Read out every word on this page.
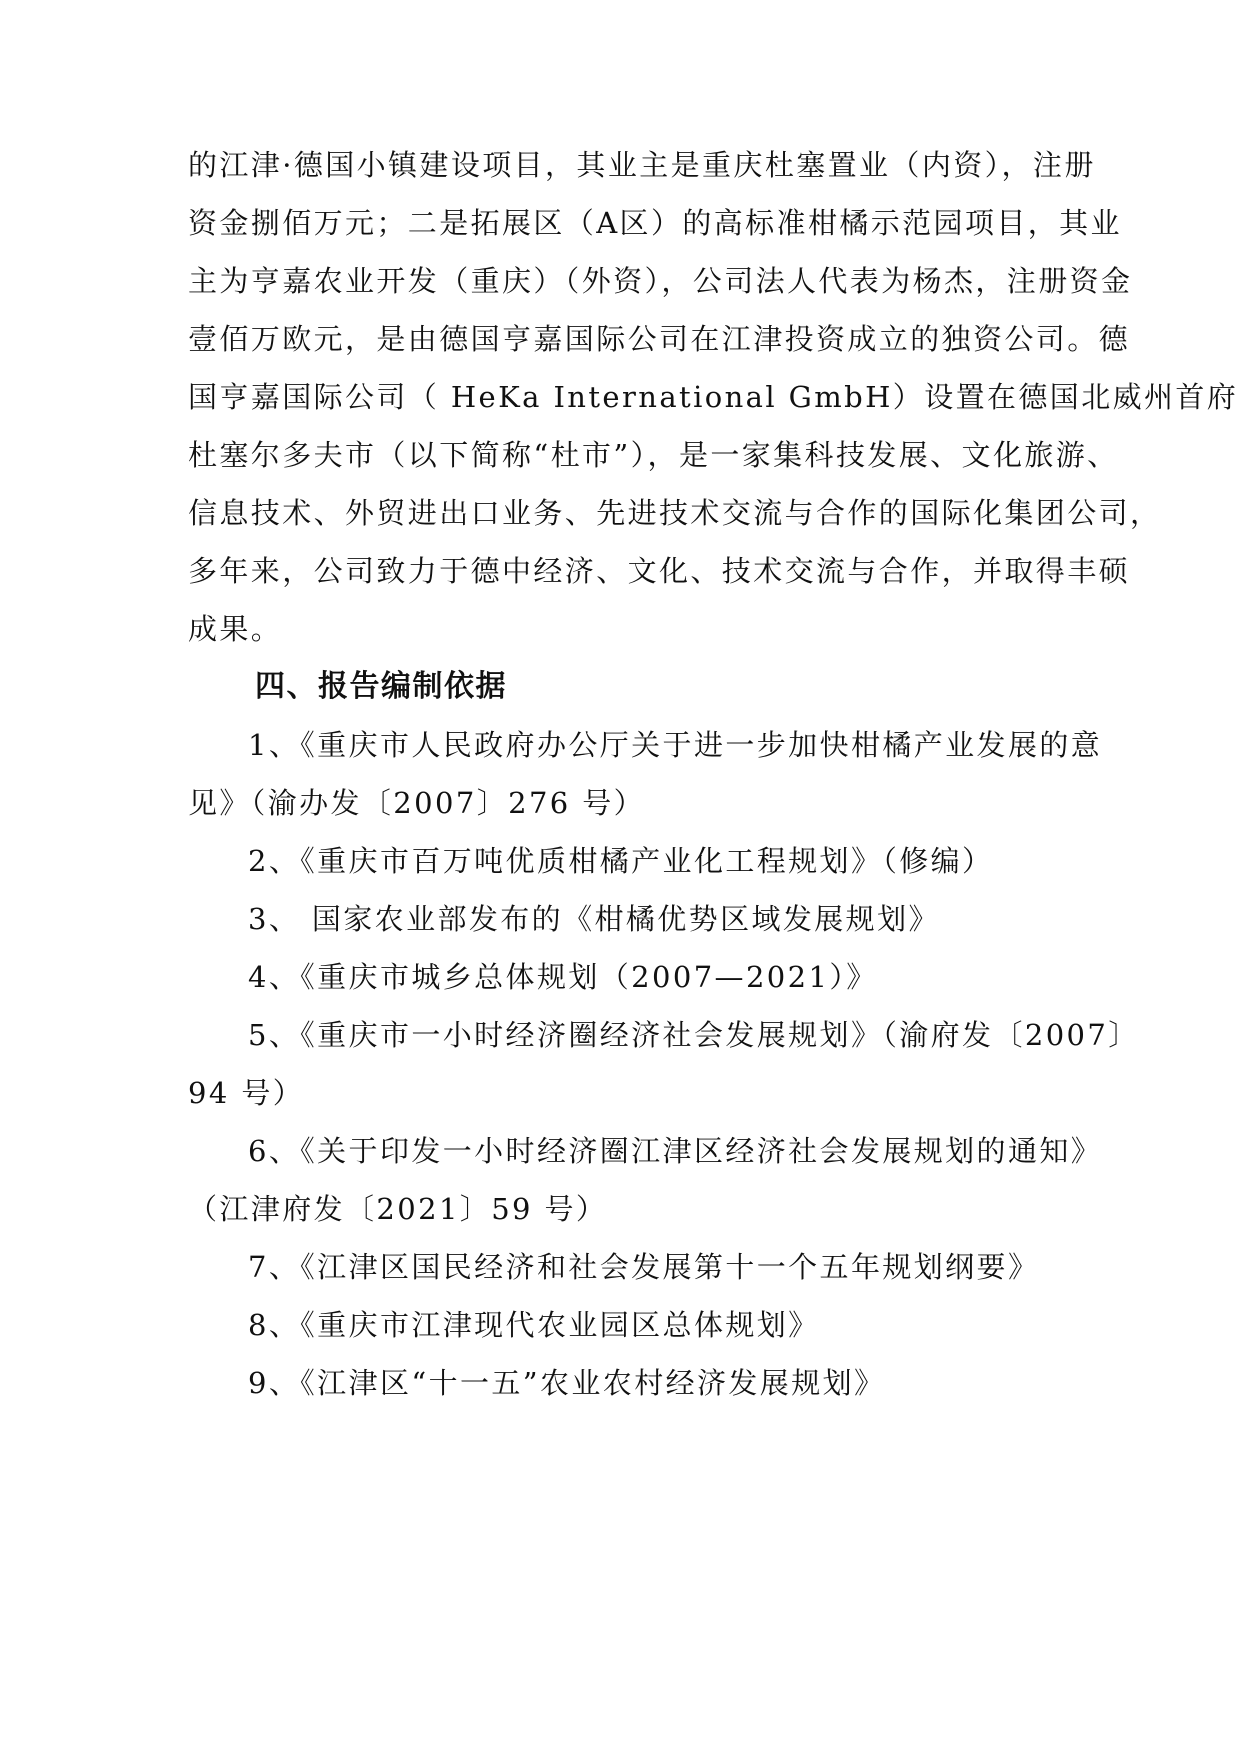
的江津·德国小镇建设项目，其业主是重庆杜塞置业（内资），注册
资金捌佰万元；二是拓展区（A区）的高标准柑橘示范园项目，其业
主为亨嘉农业开发（重庆）（外资），公司法人代表为杨杰，注册资金
壹佰万欧元，是由德国亨嘉国际公司在江津投资成立的独资公司。德
国亨嘉国际公司（ HeKa International GmbH）设置在德国北威州首府
杜塞尔多夫市（以下简称“杜市”），是一家集科技发展、文化旅游、
信息技术、外贸进出口业务、先进技术交流与合作的国际化集团公司，
多年来，公司致力于德中经济、文化、技术交流与合作，并取得丰硕
成果。
四、报告编制依据
1、《重庆市人民政府办公厅关于进一步加快柑橘产业发展的意
见》（渝办发〔2007〕276 号）
2、《重庆市百万吨优质柑橘产业化工程规划》（修编）
3、 国家农业部发布的《柑橘优势区域发展规划》
4、《重庆市城乡总体规划（2007—2021）》
5、《重庆市一小时经济圈经济社会发展规划》（渝府发〔2007〕
94 号）
6、《关于印发一小时经济圈江津区经济社会发展规划的通知》
（江津府发〔2021〕59 号）
7、《江津区国民经济和社会发展第十一个五年规划纲要》
8、《重庆市江津现代农业园区总体规划》
9、《江津区“十一五”农业农村经济发展规划》
